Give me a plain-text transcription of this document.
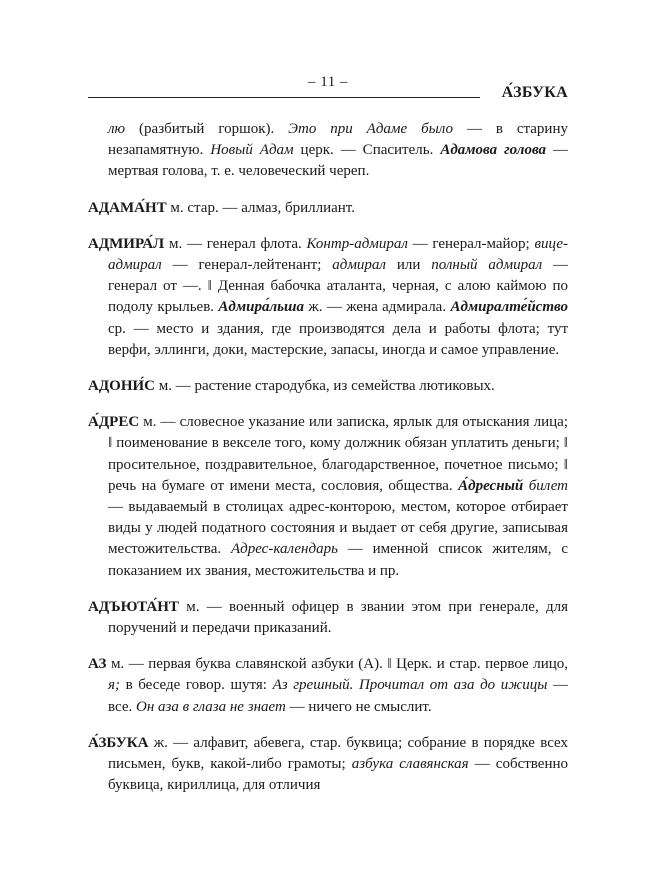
– 11 –
А́ЗБУКА

лю (разбитый горшок). Это при Адаме было — в старину незапамятную. Новый Адам церк. — Спаситель. Адамова голова — мертвая голова, т. е. человеческий череп.

АДАМА́НТ м. стар. — алмаз, бриллиант.

АДМИРА́Л м. — генерал флота. Контр-адмирал — генерал-майор; вице-адмирал — генерал-лейтенант; адмирал или полный адмирал — генерал от —. ‖ Денная бабочка аталанта, черная, с алою каймою по подолу крыльев. Адмира́льша ж. — жена адмирала. Адмиралте́йство ср. — место и здания, где производятся дела и работы флота; тут верфи, эллинги, доки, мастерские, запасы, иногда и самое управление.

АДОНИ́С м. — растение стародубка, из семейства лютиковых.

А́ДРЕС м. — словесное указание или записка, ярлык для отыскания лица; ‖ поименование в векселе того, кому должник обязан уплатить деньги; ‖ просительное, поздравительное, благодарственное, почетное письмо; ‖ речь на бумаге от имени места, сословия, общества. А́дресный билет — выдаваемый в столицах адрес-конторою, местом, которое отбирает виды у людей податного состояния и выдает от себя другие, записывая местожительства. Адрес-календарь — именной список жителям, с показанием их звания, местожительства и пр.

АДЪЮТА́НТ м. — военный офицер в звании этом при генерале, для поручений и передачи приказаний.

АЗ м. — первая буква славянской азбуки (А). ‖ Церк. и стар. первое лицо, я; в беседе говор. шутя: Аз грешный. Прочитал от аза до ижицы — все. Он аза в глаза не знает — ничего не смыслит.

А́ЗБУКА ж. — алфавит, абевега, стар. буквица; собрание в порядке всех письмен, букв, какой-либо грамоты; азбука славянская — собственно буквица, кириллица, для отличия
